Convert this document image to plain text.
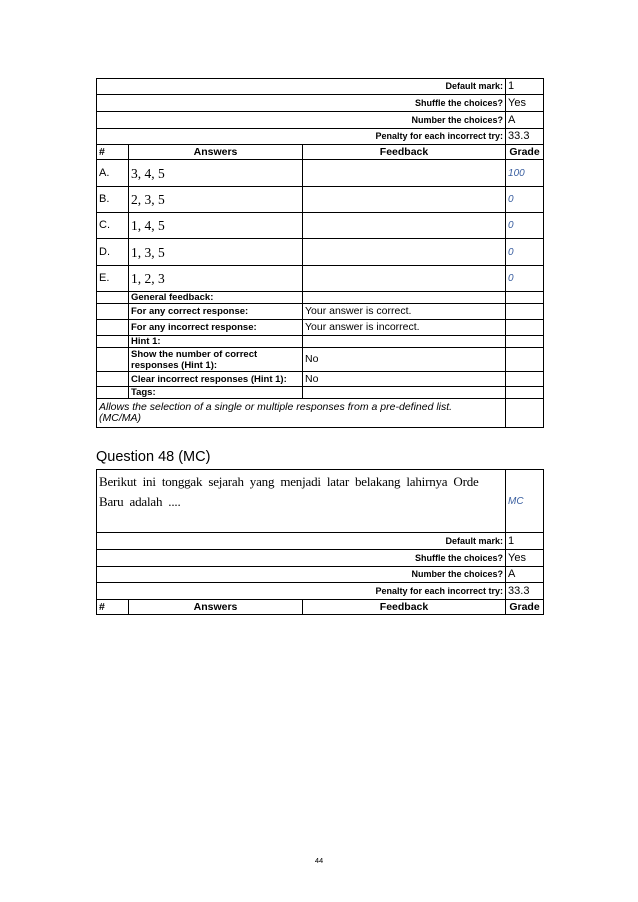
Default mark:			1
Shuffle the choices?			Yes
Number the choices?			A
Penalty for each incorrect try:			33.3
#	Answers	Feedback	Grade
A.	3, 4, 5		100
B.	2, 3, 5		0
C.	1, 4, 5		0
D.	1, 3, 5		0
E.	1, 2, 3		0
	General feedback:		
	For any correct response:	Your answer is correct.	
	For any incorrect response:	Your answer is incorrect.	
	Hint 1:		
	Show the number of correct responses (Hint 1):	No	
	Clear incorrect responses (Hint 1):	No	
	Tags:		
Allows the selection of a single or multiple responses from a pre-defined list. (MC/MA)			
Question 48 (MC)
Berikut ini tonggak sejarah yang menjadi latar belakang lahirnya Orde Baru adalah ....			MC
Default mark:			1
Shuffle the choices?			Yes
Number the choices?			A
Penalty for each incorrect try:			33.3
#	Answers	Feedback	Grade
44
